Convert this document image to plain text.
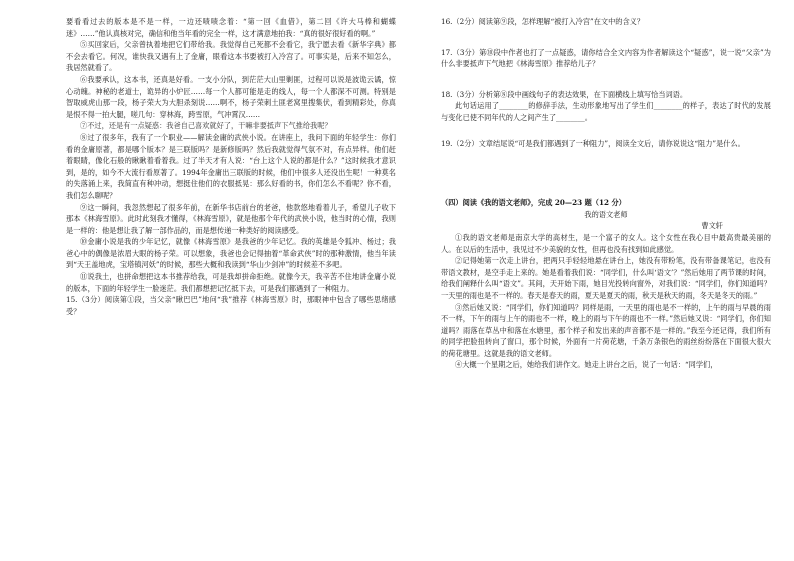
要看看过去的版本是不是一样，一边还啧啧念着：“第一回《血借》，第二回《许大马棒和蝴蝶迷》……”他认真核对完，确信和他当年看的完全一样，这才满意地拍我：“真的很好很好看的啊。”

⑤买回家后，父亲曾执着地把它们带给我。我觉得自己死都不会看它，我宁愿去看《新华字典》都不会去看它。何况，谁快我又遇有上了金庸，眼看这本书要被打入冷宫了。可事实是，后来不知怎么，我居然就看了。

⑥我要承认，这本书，还真是好看。一支小分队，到茫茫大山里剿匪，过程可以说是波诡云谲，惊心动魄。神秘的老道士，诡异的小炉匠……每一个人都可能是走的线人，每一个人都深不可测。特别是智取威虎山那一段，杨子荣大为大胆杀刻说……啊不，杨子荣刺土匪老窝里搜集伏，看到精彩处，你真是恨不得一拍大腿，嗟几句：穿林海，跨雪原，气冲霄汉……

⑦不过，还是有一点疑惑：我爸自己喜欢就好了，干嘛非要抵声下气推给我呢？

⑧过了很多年，我有了一个职业——解读金庸的武侠小说。在讲座上，我问下面的年轻学生：你们看的金庸原著，都是哪个版本？是三联版吗？是新修版吗？然后我就觉得气氛不对，有点异样。他们赶着眼睛，像化石般的瞅瞅着看着我。过了半天才有人说：“台上这个人说的都是什么？”这时候我才意识到，是的，如今不大流行看原著了。1994年金庸出三联版的时候，他们中很多人还没出生呢！一种莫名的失落涌上来，我简直有种冲动，想挺住他们的衣服抵晃：那么好看的书，你们怎么不看呢？你不看，我们怎么聊呢？

⑨这一瞬间，我忽然想起了很多年前，在新华书店前台的老爸，他款悠地看着儿子，希望儿子收下那本《林海雪原》。此时此刻我才懂得，《林海雪原》，就是他那个年代的武侠小说，他当时的心情，我则是一样的：他是想让我了解一部作品的，而是想传递一种类好的阅读感受。

⑩金庸小说是我的少年记忆，就像《林海雪原》是我爸的少年记忆。我的英雄是令狐冲、杨过；我爸心中的偶像是浓眉大眼的杨子荣。可以想象，我爸也会记得抽着“革命武侠”时的那种激情，他当年读到“天王盖地虎，宝塔镇河妖”的时候，那些大概和我读到“华山少剑冲”的时候差不多吧。

⑪说我土，也拼命想把这本书推荐给我，可是我却拼命拒绝。就像今天，我辛苦不住地讲金庸小说的版本，下面的年轻学生一脸迷茫。我们都想把记忆抵下去，可是我们都遇到了一种阻力。

15.（3分）阅读第①段，当父亲“瞅巴巴”地问“我”推荐《林海雪原》时，那眼神中包含了哪些思绪感受？

16.（2分）阅读第⑨段，怎样理解“被打入冷宫”在文中的含义？

17.（3分）第⑩段中作者也打了一点疑惑，请你结合全文内容为作者解读这个“疑惑”，说一说“父亲”为什么非要抵声下气地把《林海雪原》推荐给儿子？

18.（3分）分析第⑧段中画线句子的表达效果，在下面横线上填写恰当词语。

此句话运用了________的修辞手法，生动形象地写出了学生们________的样子，表达了时代的发展与变化已使不同年代的人之间产生了________。

19.（2分）文章结尾说“可是我们都遇到了一种阻力”，阅读全文后，请你说说这“阻力”是什么。

（四）阅读《我的语文老师》，完成 20—23 题（12 分）

我的语文老师

曹文轩

①我的语文老师是南京大学的高材生，是一个富子的女人。这个女性在我心目中最高贵最美丽的人。在以后的生活中，我见过不少美貌的女性，但再也没有找到如此感觉。

②记得她第一次走上讲台，把两只手轻轻地悬在讲台上，她没有带粉笔，没有带备课笔记，也没有带语文教材，是空手走上来的。她是看着我们说：“同学们，什么叫‘语文’？”然后她用了两节课的时间，给我们阐释什么叫“语文”。其间，天开始下雨，她目光投转向窗外，对我们说：“同学们，你们知道吗？一天里的雨也是不一样的。春天是春天的雨，夏天是夏天的雨，秋天是秋天的雨，冬天是冬天的雨。”

③然后她又说：“同学们，你们知道吗？同样是雨，一天里的雨也是不一样的，上午的雨与早晨的雨不一样，下午的雨与上午的雨也不一样，晚上的雨与下午的雨也不一样。”然后她又说：“同学们，你们知道吗？雨落在草丛中和落在水塘里，那个样子和发出来的声音都不是一样的。”我至今还记得，我们所有的同学把脸扭转向了窗口，那个时候，外面有一片荷花塘，千条万条银色的雨丝纷纷落在下面很大很大的荷花塘里。这就是我的语文老师。

④大概一个星期之后，她给我们讲作文。她走上讲台之后，说了一句话：“同学们，
